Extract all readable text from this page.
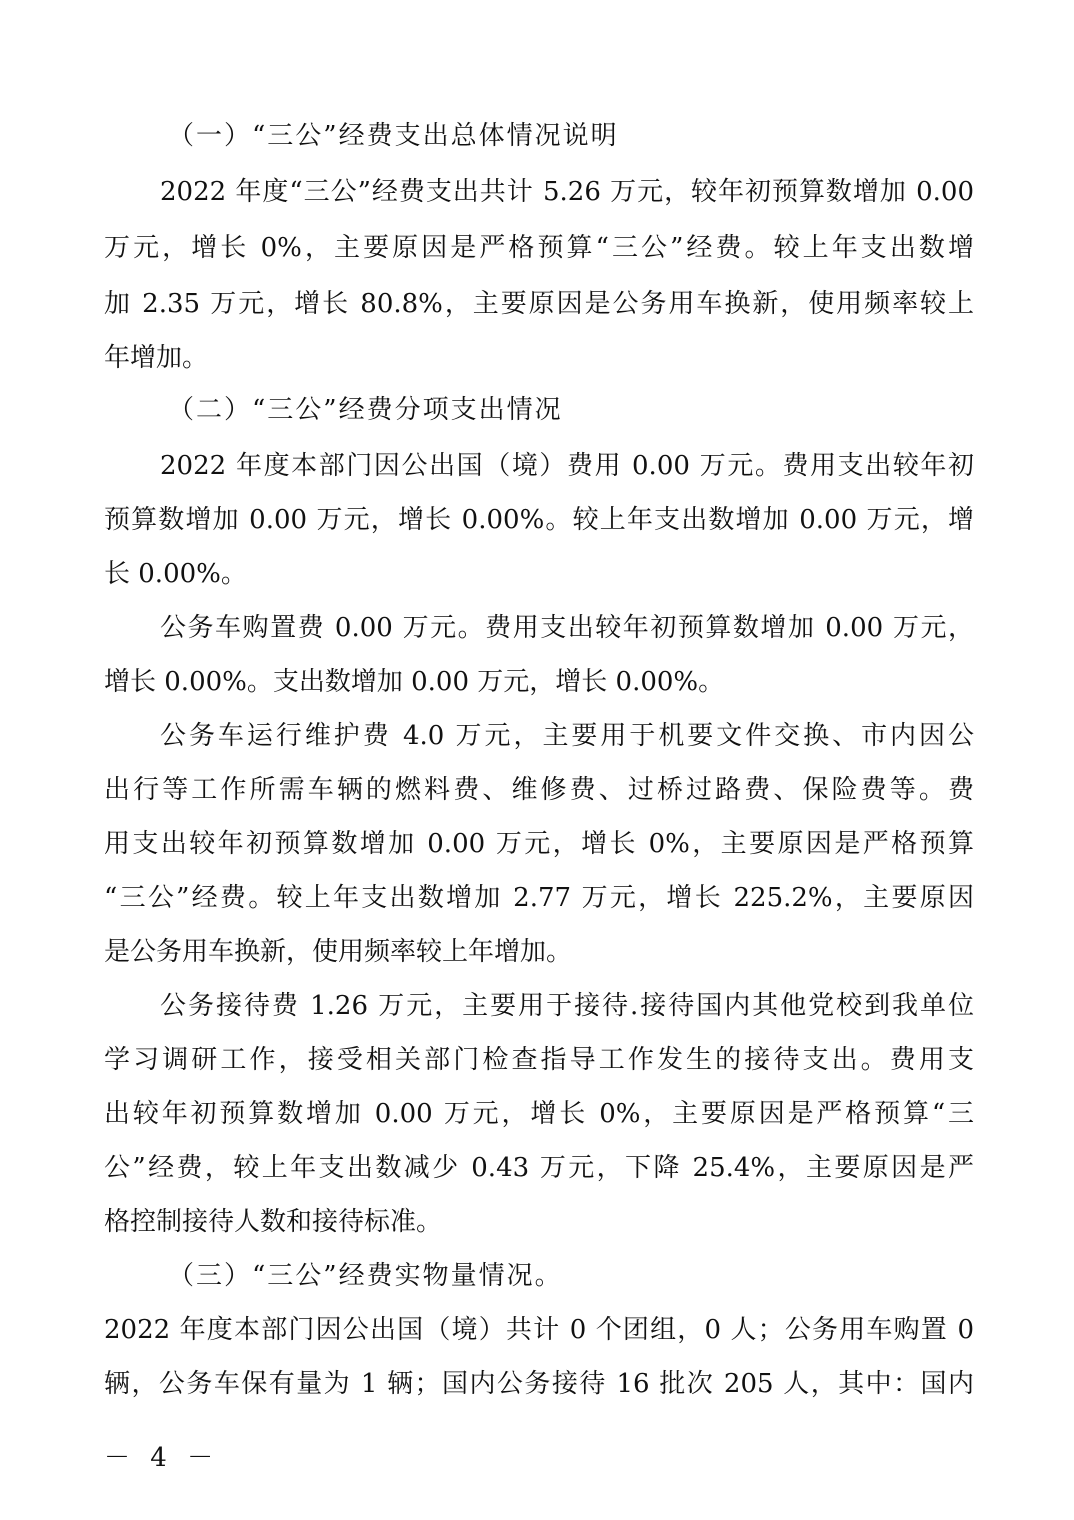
（一）“三公”经费支出总体情况说明
2022 年度“三公”经费支出共计 5.26 万元，较年初预算数增加 0.00
万元，增长 0%，主要原因是严格预算“三公”经费。较上年支出数增
加 2.35 万元，增长 80.8%，主要原因是公务用车换新，使用频率较上
年增加。
（二）“三公”经费分项支出情况
2022 年度本部门因公出国（境）费用 0.00 万元。费用支出较年初
预算数增加 0.00 万元，增长 0.00%。较上年支出数增加 0.00 万元，增
长 0.00%。
公务车购置费 0.00 万元。费用支出较年初预算数增加 0.00 万元，
增长 0.00%。支出数增加 0.00 万元，增长 0.00%。
公务车运行维护费 4.0 万元，主要用于机要文件交换、市内因公
出行等工作所需车辆的燃料费、维修费、过桥过路费、保险费等。费
用支出较年初预算数增加 0.00 万元，增长 0%，主要原因是严格预算
“三公”经费。较上年支出数增加 2.77 万元，增长 225.2%，主要原因
是公务用车换新，使用频率较上年增加。
公务接待费 1.26 万元，主要用于接待.接待国内其他党校到我单位
学习调研工作，接受相关部门检查指导工作发生的接待支出。费用支
出较年初预算数增加 0.00 万元，增长 0%，主要原因是严格预算“三
公”经费，较上年支出数减少 0.43 万元，下降 25.4%，主要原因是严
格控制接待人数和接待标准。
（三）“三公”经费实物量情况。
2022 年度本部门因公出国（境）共计 0 个团组，0 人；公务用车购置 0
辆，公务车保有量为 1 辆；国内公务接待 16 批次 205 人，其中：国内
－ 4 －
